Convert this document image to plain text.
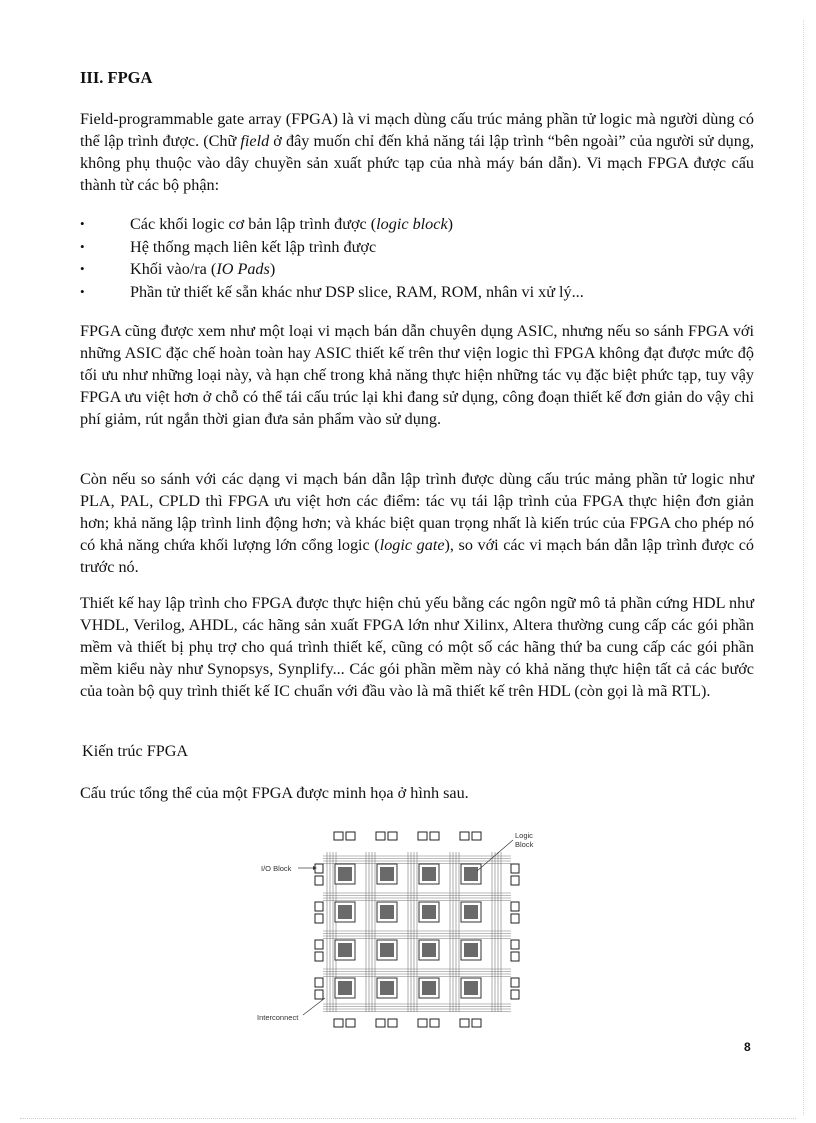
III. FPGA

Field-programmable gate array (FPGA) là vi mạch dùng cấu trúc mảng phần tử logic mà người dùng có thể lập trình được. (Chữ field ở đây muốn chỉ đến khả năng tái lập trình “bên ngoài” của người sử dụng, không phụ thuộc vào dây chuyền sản xuất phức tạp của nhà máy bán dẫn). Vi mạch FPGA được cấu thành từ các bộ phận:

• Các khối logic cơ bản lập trình được (logic block)
• Hệ thống mạch liên kết lập trình được
• Khối vào/ra (IO Pads)
• Phần tử thiết kế sẵn khác như DSP slice, RAM, ROM, nhân vi xử lý...

FPGA cũng được xem như một loại vi mạch bán dẫn chuyên dụng ASIC, nhưng nếu so sánh FPGA với những ASIC đặc chế hoàn toàn hay ASIC thiết kế trên thư viện logic thì FPGA không đạt được mức độ tối ưu như những loại này, và hạn chế trong khả năng thực hiện những tác vụ đặc biệt phức tạp, tuy vậy FPGA ưu việt hơn ở chỗ có thể tái cấu trúc lại khi đang sử dụng, công đoạn thiết kế đơn giản do vậy chi phí giảm, rút ngắn thời gian đưa sản phẩm vào sử dụng.

Còn nếu so sánh với các dạng vi mạch bán dẫn lập trình được dùng cấu trúc mảng phần tử logic như PLA, PAL, CPLD thì FPGA ưu việt hơn các điểm: tác vụ tái lập trình của FPGA thực hiện đơn giản hơn; khả năng lập trình linh động hơn; và khác biệt quan trọng nhất là kiến trúc của FPGA cho phép nó có khả năng chứa khối lượng lớn cổng logic (logic gate), so với các vi mạch bán dẫn lập trình được có trước nó.

Thiết kế hay lập trình cho FPGA được thực hiện chủ yếu bằng các ngôn ngữ mô tả phần cứng HDL như VHDL, Verilog, AHDL, các hãng sản xuất FPGA lớn như Xilinx, Altera thường cung cấp các gói phần mềm và thiết bị phụ trợ cho quá trình thiết kế, cũng có một số các hãng thứ ba cung cấp các gói phần mềm kiểu này như Synopsys, Synplify... Các gói phần mềm này có khả năng thực hiện tất cả các bước của toàn bộ quy trình thiết kế IC chuẩn với đầu vào là mã thiết kế trên HDL (còn gọi là mã RTL).

Kiến trúc FPGA
Cấu trúc tổng thể của một FPGA được minh họa ở hình sau.
I/O Block
Logic
Block
Interconnect
8
